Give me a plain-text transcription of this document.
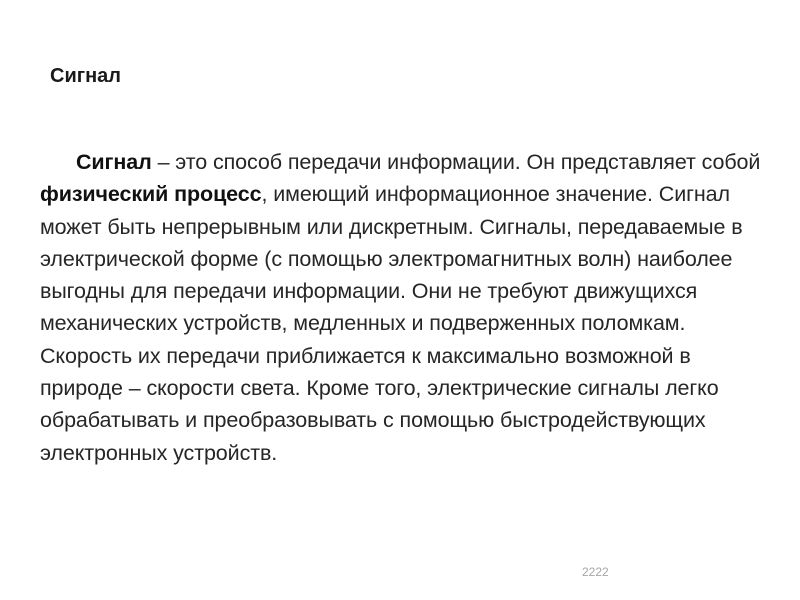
Сигнал

Сигнал – это способ передачи информации. Он представляет собой физический процесс, имеющий информационное значение. Сигнал может быть непрерывным или дискретным. Сигналы, передаваемые в электрической форме (с помощью электромагнитных волн) наиболее выгодны для передачи информации. Они не требуют движущихся механических устройств, медленных и подверженных поломкам. Скорость их передачи приближается к максимально возможной в природе – скорости света. Кроме того, электрические сигналы легко обрабатывать и преобразовывать с помощью быстродействующих электронных устройств.

2222
